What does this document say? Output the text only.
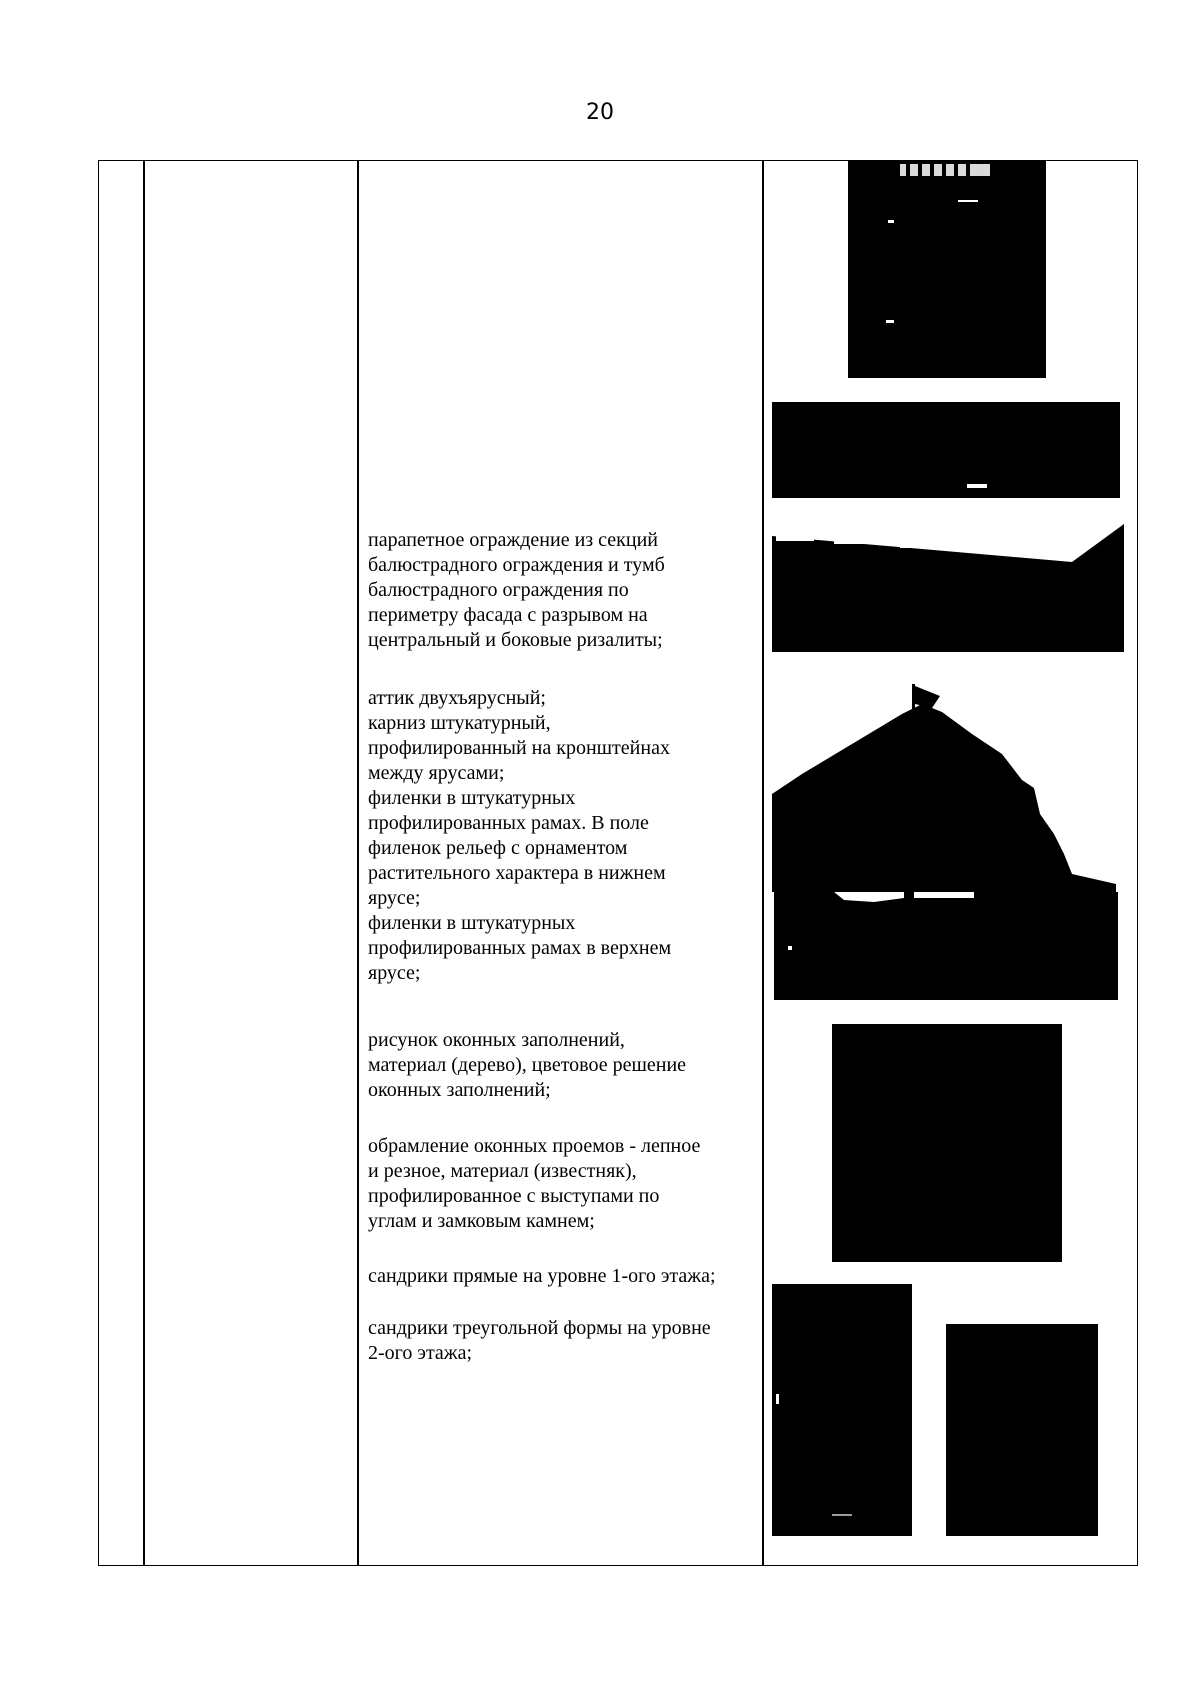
20

парапетное ограждение из секций
балюстрадного ограждения и тумб
балюстрадного ограждения по
периметру фасада с разрывом на
центральный и боковые ризалиты;

аттик двухъярусный;
карниз штукатурный,
профилированный на кронштейнах
между ярусами;
филенки в штукатурных
профилированных рамах. В поле
филенок рельеф с орнаментом
растительного характера в нижнем
ярусе;
филенки в штукатурных
профилированных рамах в верхнем
ярусе;

рисунок оконных заполнений,
материал (дерево), цветовое решение
оконных заполнений;

обрамление оконных проемов - лепное
и резное, материал (известняк),
профилированное с выступами по
углам и замковым камнем;

сандрики прямые на уровне 1-ого этажа;

сандрики треугольной формы на уровне
2-ого этажа;
